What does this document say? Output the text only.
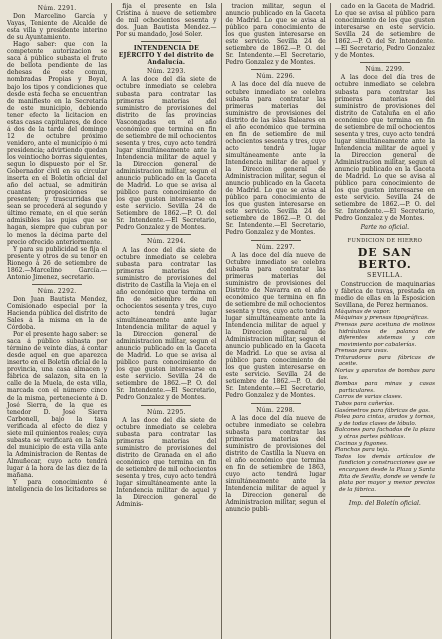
Núm. 2291.

Don Marcelino García y Vayas, Teniente de Alcalde de esta villa y presidente interino de su Ayuntamiento.

Hago saber: que con la competente autorizacion se saca á público subasta el fruto de bellota pendiente de las dehesas de este comun, nombradas Propias y Boyal, bajo los tipos y condiciones que desde esta fecha se encuentran de manifiesto en la Secretaría de este municipio, debiendo tener efecto la licitacion en estas casas capitulares, de doce á dos de la tarde del domingo 12 de octubre próximo venidero, ante el municipio ó mi presidencia; advirtiendo quedan los veintiocho borras siguientes, segun lo dispuesto por el Sr. Gobernador civil en su circular inserta en el Boletín oficial del año del actual, se admitirán cuantas proposiciones se presenten; y trascurridas que sean se procederá al segundo y último remate, en el que serán admisibles las pujas que se hagan, siempre que cubran por lo menos la décima parte del precio ofrecido anteriormente.

Y para su publicidad se fija el presente y otros de su tenor en Rionego á 26 de setiembre de 1862.—Marcelino García.—Antonio Jimenez, secretario.

Núm. 2292.

Don Juan Bautista Mendez, Comisionado especial por la Hacienda pública del distrito de Sales á la misma en la de Córdoba.

Por el presente hago saber: se saca á público subasta por término de veinte días, á contar desde aquel en que aparezca inserto en el Boletín oficial de la provincia, una casa almacen y fábrica de salazon, sita en la calle de la Muela, de esta villa, marcada con el número cinco de la misma, perteneciente á D. José Sierra, de la que es tenedor D. José Sierra Carbonell, bajo la tasa verificada al efecto de diez y siete mil quinientos reales; cuya subasta se verificará en la Sala del municipio de esta villa ante la Administracion de Rentas de Almuñecar, cuyo acto tendrá lugar á la hora de las diez de la mañana.

Y para conocimiento é inteligencia de los licitadores se

fija el presente en Isla Cristina á nueve de setiembre de mil ochocientos sesenta y dos. Juan Bautista Mendez.—Por su mandado, José Soler.

INTENDENCIA DE EJÉRCITO Y del distrito de Andalucía.
Núm. 2293.

A las doce del día siete de octubre inmediato se celebra subasta para contratar las primeras materias del suministro de provisiones del distrito de las provincias Vascongadas en el año económico que termina en fin de setiembre de mil ochocientos sesenta y tres, cuyo acto tendrá lugar simultáneamente ante la Intendencia militar de aquel y la Direccion general de administracion militar, segun el anuncio publicado en la Gaceta de Madrid. Lo que se avisa al público para conocimiento de los que gusten interesarse en este servicio. Sevilla 24 de Setiembre de 1862.—P. O. del Sr. Intendente.—El Secretario, Pedro Gonzalez y de Montes.

Núm. 2294.

A las doce del día siete de octubre inmediato se celebra subasta para contratar las primeras materias del suministro de provisiones del distrito de Castilla la Vieja en el año económico que termina en fin de setiembre de mil ochocientos sesenta y tres, cuyo acto tendrá lugar simultáneamente ante la Intendencia militar de aquel y la Direccion general de administracion militar, segun el anuncio publicado en la Gaceta de Madrid. Lo que se avisa al público para conocimiento de los que gusten interesarse en este servicio. Sevilla 24 de setiembre de 1862.—P. O. del Sr. Intendente.—El Secretario, Pedro Gonzalez y de Montes.

Núm. 2295.

A las doce del día siete de octubre inmediato se celebra subasta para contratar las primeras materias del suministro de provisiones del distrito de Granada en el año económico que termina en fin de setiembre de mil ochocientos sesenta y tres, cuyo acto tendrá lugar simultáneamente ante la Intendencia militar de aquel y la Direccion general de Adminis-

tracion militar, segun el anuncio publicado en la Gaceta de Madrid. Lo que se avisa al público para conocimiento de los que gusten interesarse en este servicio. Sevilla 24 de setiembre de 1862.—P. O. del Sr. Intendente.—El Secretario, Pedro Gonzalez y de Montes.

Núm. 2296.

A las doce del día nueve de octubre inmediato se celebra subasta para contratar las primeras materias del suministro de provisiones del distrito de las islas Baleares en el año económico que termina en fin de setiembre de mil ochocientos sesenta y tres, cuyo acto tendrá lugar simultáneamente ante la Intendencia militar de aquel y la Direccion general de Administracion militar, segun el anuncio publicado en la Gaceta de Madrid. Lo que se avisa al público para conocimiento de los que gusten interesarse en este servicio. Sevilla 24 de setiembre de 1862.—P. O. del Sr. Intendente.—El Secretario, Pedro Gonzalez y de Montes.

Núm. 2297.

A las doce del día nueve de Octubre inmediato se celebra subasta para contratar las primeras materias del suministro de provisiones del Distrito de Navarra en el año económico que termina en fin de setiembre de mil ochocientos sesenta y tres, cuyo acto tendrá lugar simultáneamente ante la Intendencia militar de aquel y la Direccion general de Administracion militar, segun el anuncio publicado en la Gaceta de Madrid. Lo que se avisa al público para conocimiento de los que gusten interesarse en este servicio. Sevilla 24 de setiembre de 1862.—P. O. del Sr. Intendente.—El Secretario, Pedro Gonzalez y de Montes.

Núm. 2298.

A las doce del día nueve de octubre inmediato se celebra subasta para contratar las primeras materias del suministro de provisiones del distrito de Castilla la Nueva en el año económico que termina en fin de setiembre de 1863, cuyo acto tendrá lugar simultáneamente ante la Intendencia militar de aquel y la Direccion general de Administracion militar, segun el anuncio publi-

cado en la Gaceta de Madrid. Lo que se avisa al público para conocimiento de los que gusten interesarse en este servicio. Sevilla 24 de setiembre de 1862.—P. O. del Sr. Intendente.—El Secretario, Pedro Gonzalez y de Montes.

Núm. 2299.

A las doce del día tres de octubre inmediato se celebra subasta para contratar las primeras materias del suministro de provisiones del distrito de Cataluña en el año económico que termina en fin de setiembre de mil ochocientos sesenta y tres, cuyo acto tendrá lugar simultáneamente ante la Intendencia militar de aquel y la Direccion general de Administracion militar, segun el anuncio publicado en la Gaceta de Madrid. Lo que se avisa al público para conocimiento de los que gusten interesarse en este servicio. Sevilla 24 de setiembre de 1862.—P. O. del Sr. Intendente.—El Secretario, Pedro Gonzalez y de Montes.

Parte no oficial.
FUNDICION DE HIERRO
DE SAN BERTO.
SEVILLA.

Construccion de maquinarias y fábrica de tuvas, prestada en medio de ellas en la Esposicion Sevillana, de Perez hermanos.

Máquinas de vapor.

Máquinas y prensas tipográficas.

Prensas para aceituna de molinos hidráulicos de palanca de diferentes sistemas y con movimiento por cabalerías.

Prensas para uvas.

Trituradoras para fábricas de aceite.

Norias y aparatos de bombas para las.

Bombas para minas y casas particulares.

Carros de varias clases.

Tubos para cañerías.

Gasómetros para fábricas de gas.

Polea para cintas, arados y tornos, y de todas clases de lóbulo.

Balcones para fachadas de la plaza y otras partes públicas.

Cocinas y fogones.

Planchas para teja.

Todos los demás artículos de fundicion y construcciones que se encarguen desde la Plaza y Santa Rita de Sevilla, donde se vende la plata por mayor y menor precios de la fábrica.

Imp. del Boletín oficial.
